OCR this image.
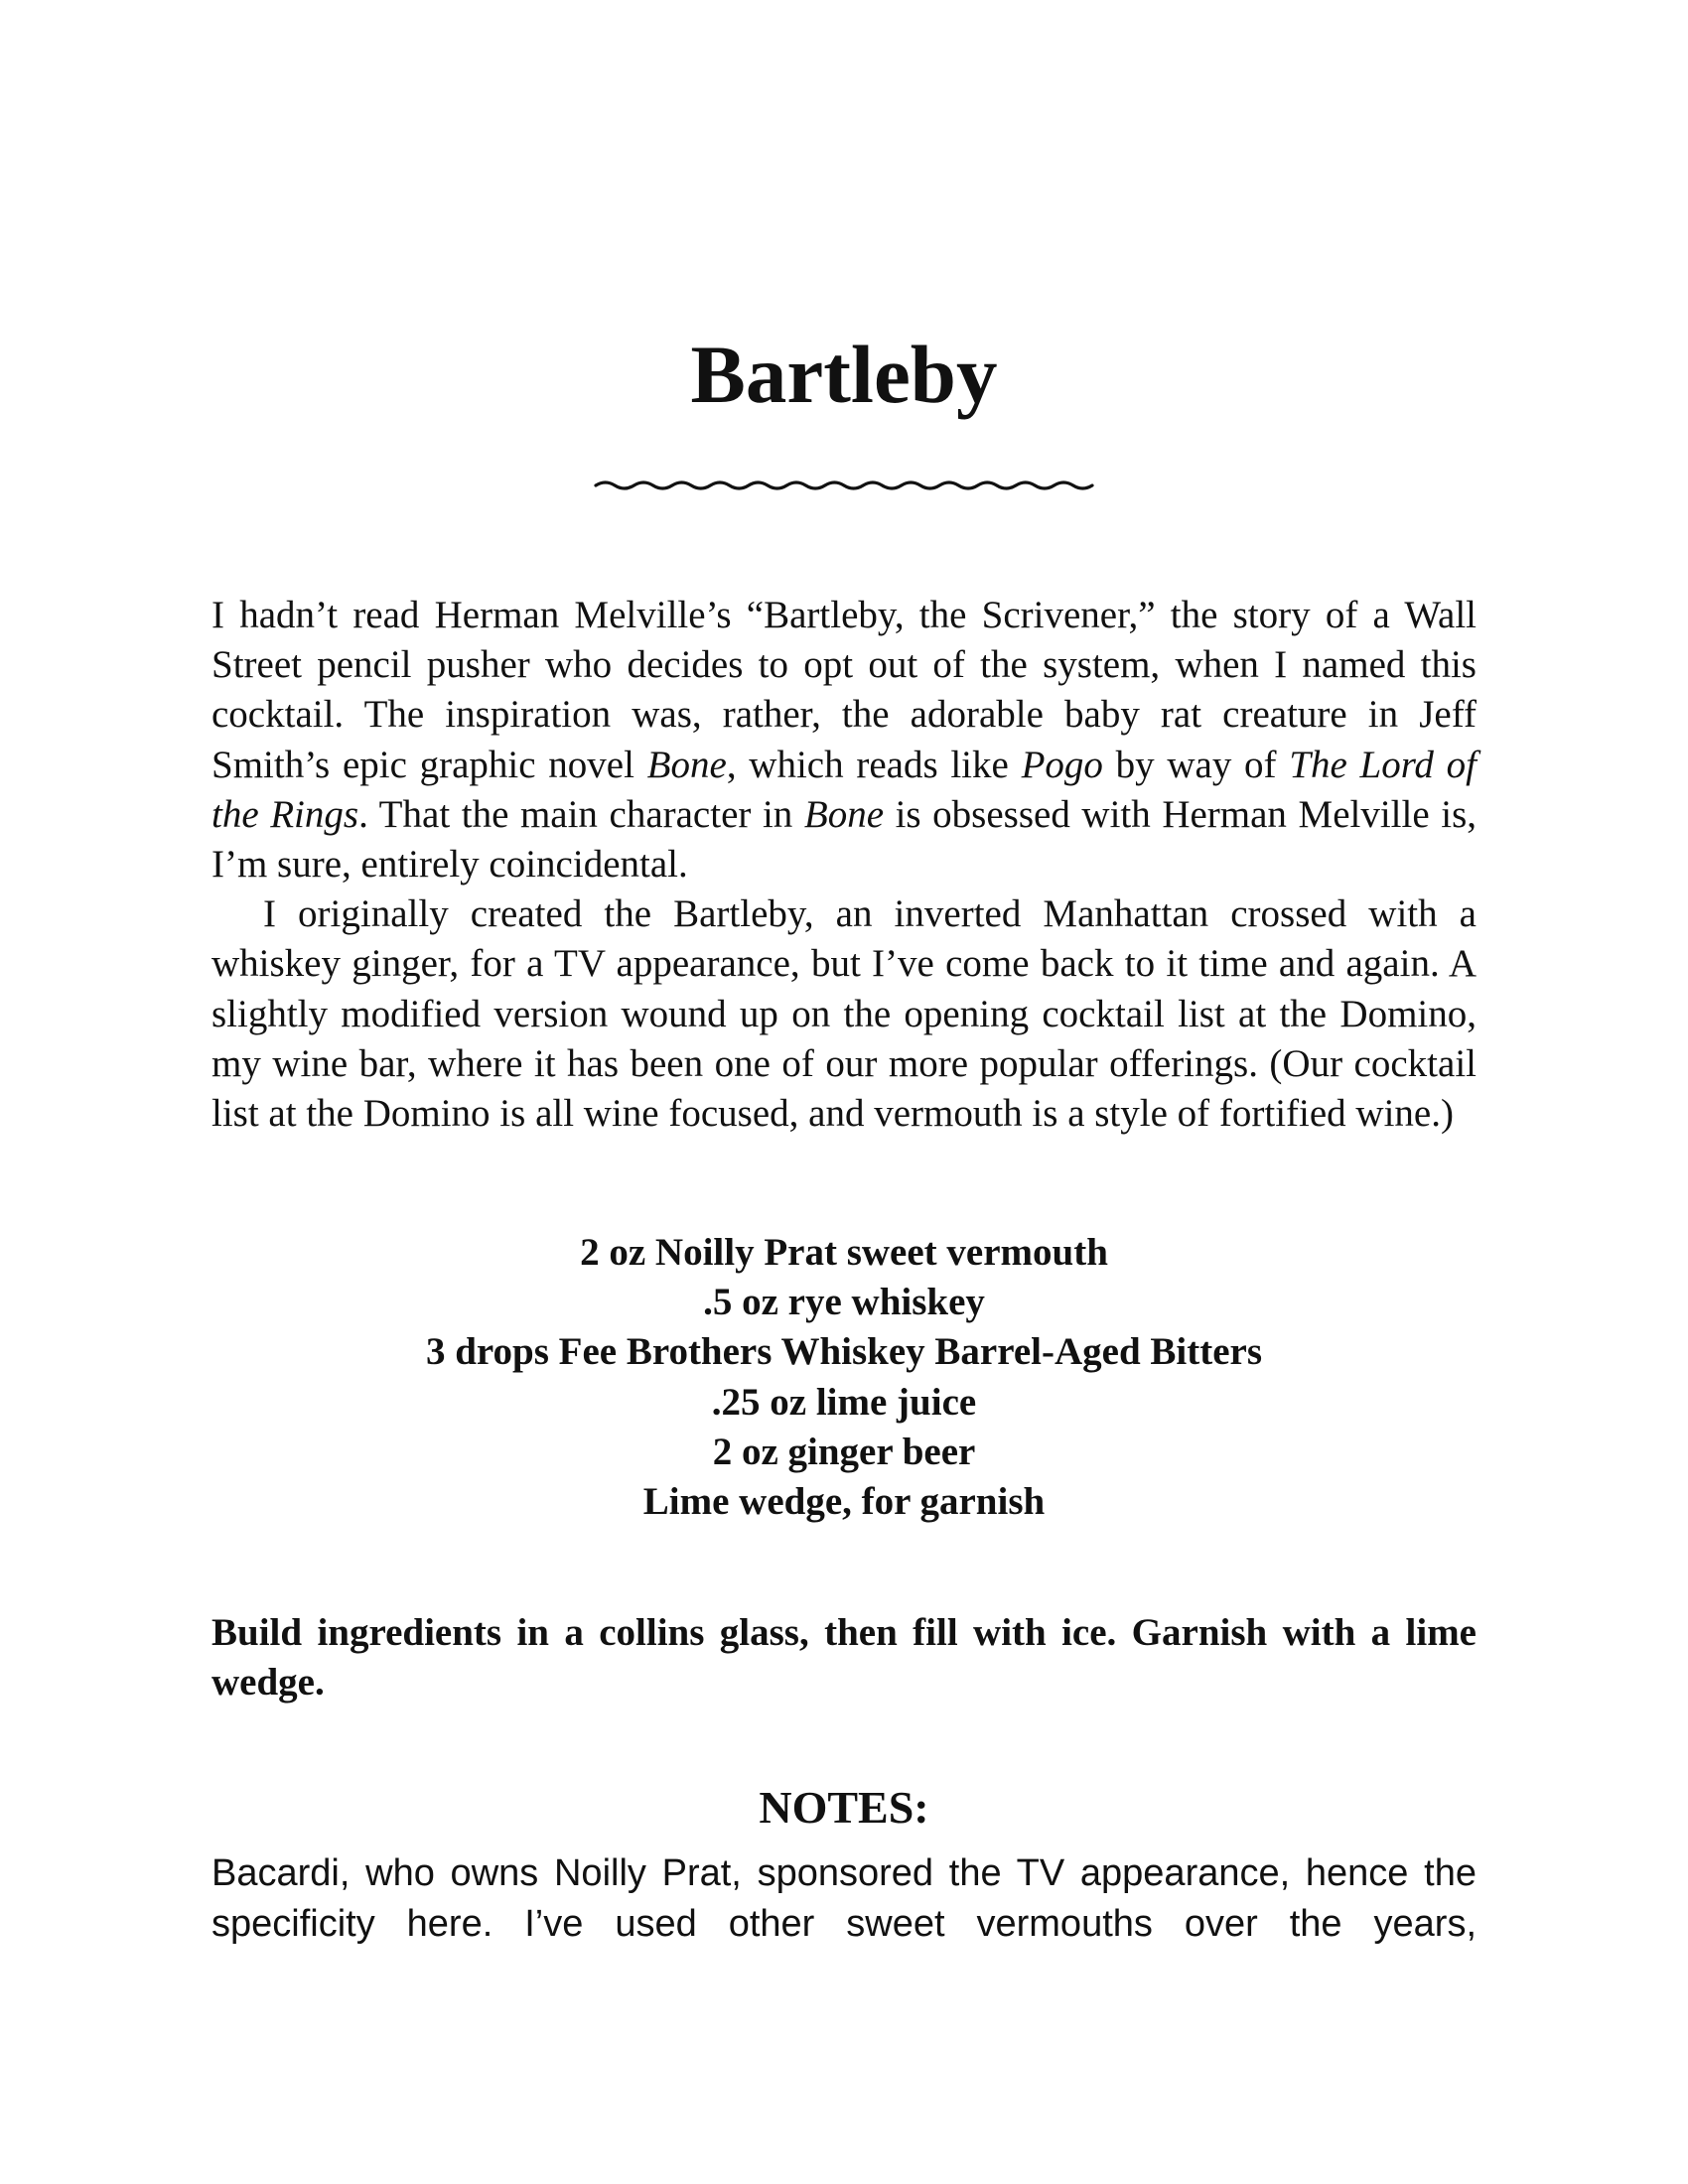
Bartleby

I hadn’t read Herman Melville’s “Bartleby, the Scrivener,” the story of a Wall Street pencil pusher who decides to opt out of the system, when I named this cocktail. The inspiration was, rather, the adorable baby rat creature in Jeff Smith’s epic graphic novel Bone, which reads like Pogo by way of The Lord of the Rings. That the main character in Bone is obsessed with Herman Melville is, I’m sure, entirely coincidental.

I originally created the Bartleby, an inverted Manhattan crossed with a whiskey ginger, for a TV appearance, but I’ve come back to it time and again. A slightly modified version wound up on the opening cocktail list at the Domino, my wine bar, where it has been one of our more popular offerings. (Our cocktail list at the Domino is all wine focused, and vermouth is a style of fortified wine.)

2 oz Noilly Prat sweet vermouth
.5 oz rye whiskey
3 drops Fee Brothers Whiskey Barrel-Aged Bitters
.25 oz lime juice
2 oz ginger beer
Lime wedge, for garnish

Build ingredients in a collins glass, then fill with ice. Garnish with a lime wedge.

NOTES:

Bacardi, who owns Noilly Prat, sponsored the TV appearance, hence the specificity here. I’ve used other sweet vermouths over the years,
